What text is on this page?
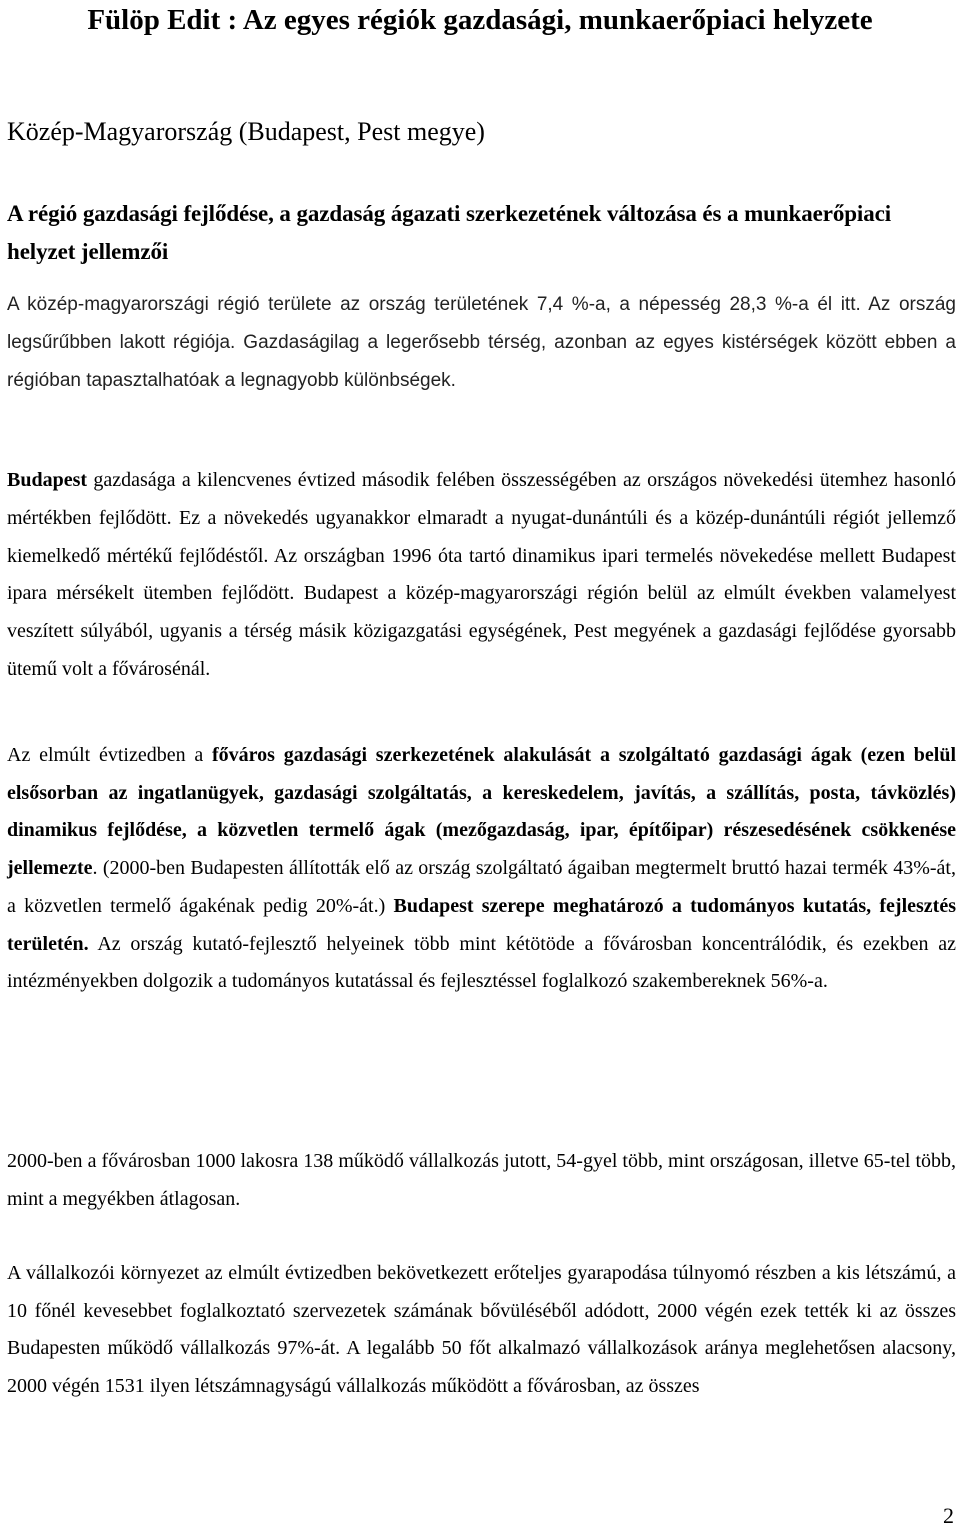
Fülöp Edit : Az egyes régiók gazdasági, munkaerőpiaci helyzete
Közép-Magyarország (Budapest, Pest megye)
A régió gazdasági fejlődése, a gazdaság ágazati szerkezetének változása és a munkaerőpiaci helyzet jellemzői

A közép-magyarországi régió területe az ország területének 7,4 %-a, a népesség 28,3 %-a él itt. Az ország legsűrűbben lakott régiója. Gazdaságilag a legerősebb térség, azonban az egyes kistérségek között ebben a régióban tapasztalhatóak a legnagyobb különbségek.

Budapest gazdasága a kilencvenes évtized második felében összességében az országos növekedési ütemhez hasonló mértékben fejlődött. Ez a növekedés ugyanakkor elmaradt a nyugat-dunántúli és a közép-dunántúli régiót jellemző kiemelkedő mértékű fejlődéstől. Az országban 1996 óta tartó dinamikus ipari termelés növekedése mellett Budapest ipara mérsékelt ütemben fejlődött. Budapest a közép-magyarországi régión belül az elmúlt években valamelyest veszített súlyából, ugyanis a térség másik közigazgatási egységének, Pest megyének a gazdasági fejlődése gyorsabb ütemű volt a fővárosénál.

Az elmúlt évtizedben a főváros gazdasági szerkezetének alakulását a szolgáltató gazdasági ágak (ezen belül elsősorban az ingatlanügyek, gazdasági szolgáltatás, a kereskedelem, javítás, a szállítás, posta, távközlés) dinamikus fejlődése, a közvetlen termelő ágak (mezőgazdaság, ipar, építőipar) részesedésének csökkenése jellemezte. (2000-ben Budapesten állították elő az ország szolgáltató ágaiban megtermelt bruttó hazai termék 43%-át, a közvetlen termelő ágakénak pedig 20%-át.) Budapest szerepe meghatározó a tudományos kutatás, fejlesztés területén. Az ország kutató-fejlesztő helyeinek több mint kétötöde a fővárosban koncentrálódik, és ezekben az intézményekben dolgozik a tudományos kutatással és fejlesztéssel foglalkozó szakembereknek 56%-a.

2000-ben a fővárosban 1000 lakosra 138 működő vállalkozás jutott, 54-gyel több, mint országosan, illetve 65-tel több, mint a megyékben átlagosan.

A vállalkozói környezet az elmúlt évtizedben bekövetkezett erőteljes gyarapodása túlnyomó részben a kis létszámú, a 10 főnél kevesebbet foglalkoztató szervezetek számának bővüléséből adódott, 2000 végén ezek tették ki az összes Budapesten működő vállalkozás 97%-át. A legalább 50 főt alkalmazó vállalkozások aránya meglehetősen alacsony, 2000 végén 1531 ilyen létszámnagyságú vállalkozás működött a fővárosban, az összes

2
